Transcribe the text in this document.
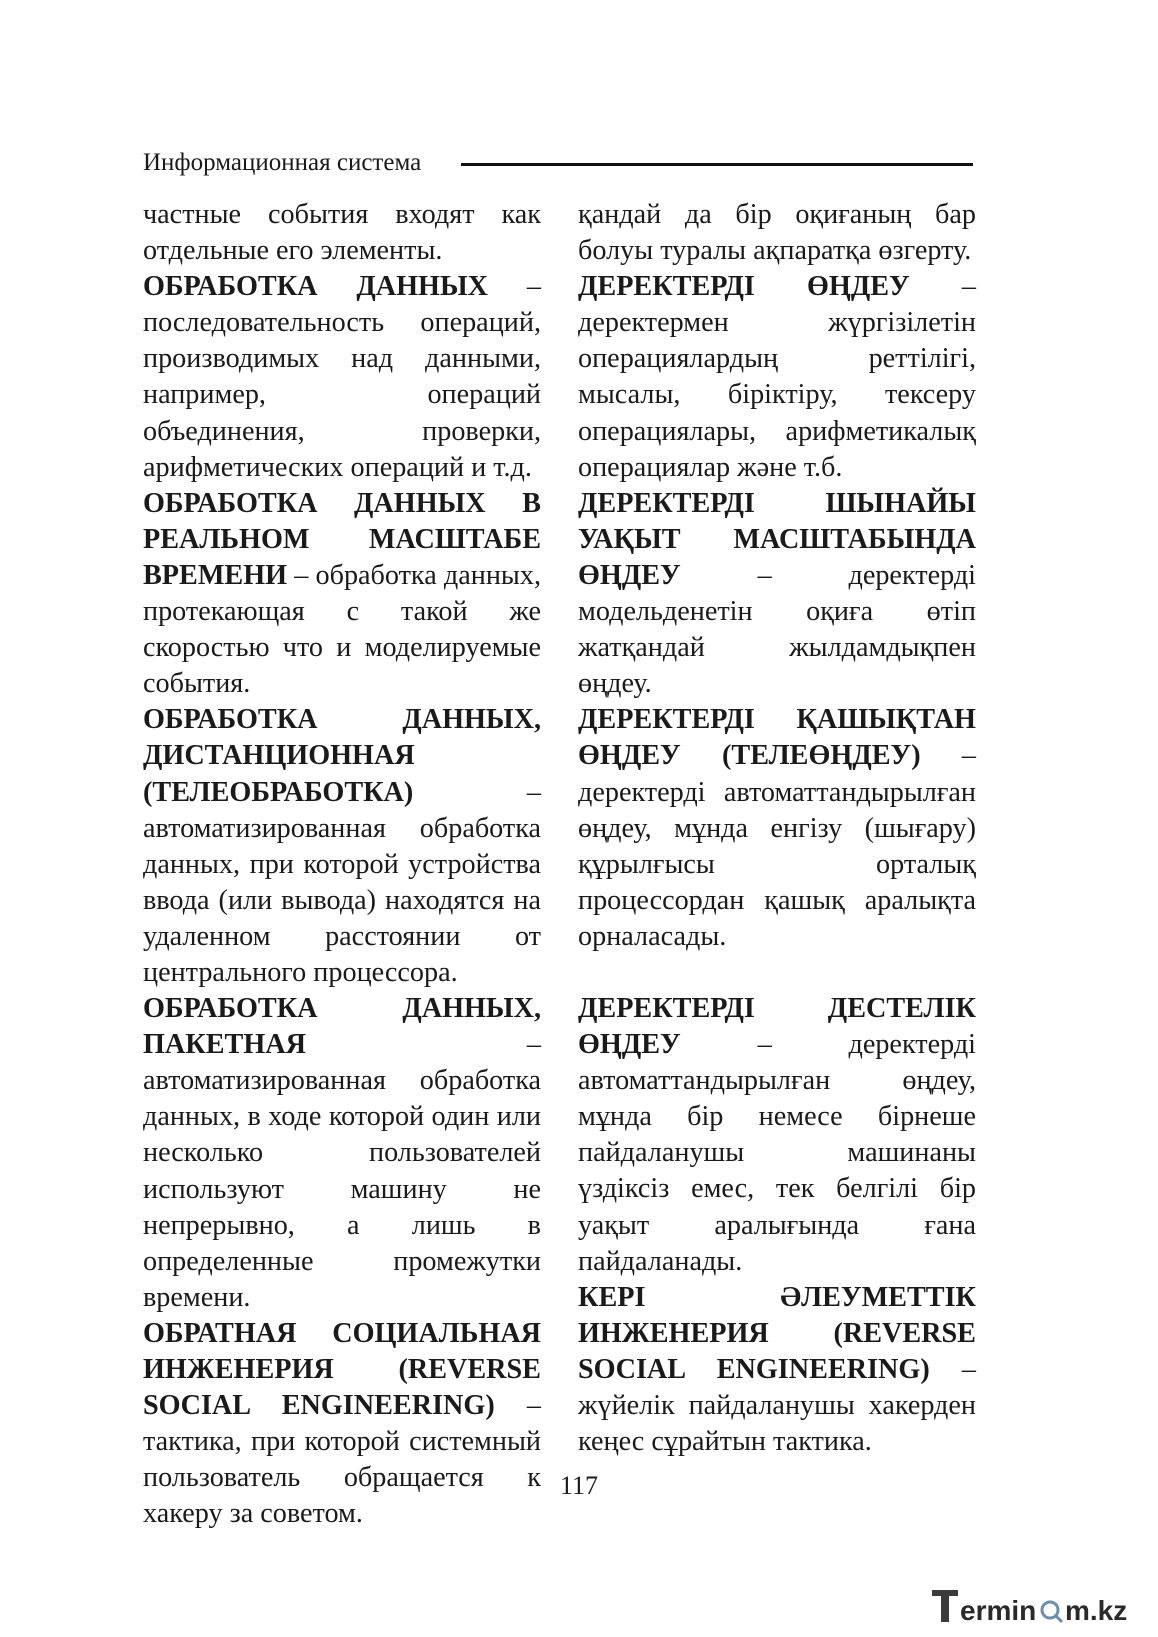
Информационная система

частные события входят как отдельные его элементы.

ОБРАБОТКА ДАННЫХ – последовательность операций, производимых над данными, например, операций объединения, проверки, арифметических операций и т.д.

ОБРАБОТКА ДАННЫХ В РЕАЛЬНОМ МАСШТАБЕ ВРЕМЕНИ – обработка данных, протекающая с такой же скоростью что и моделируемые события.

ОБРАБОТКА ДАННЫХ, ДИСТАНЦИОННАЯ (ТЕЛЕОБРАБОТКА) – автоматизированная обработка данных, при которой устройства ввода (или вывода) находятся на удаленном расстоянии от центрального процессора.

ОБРАБОТКА ДАННЫХ, ПАКЕТНАЯ – автоматизированная обработка данных, в ходе которой один или несколько пользователей используют машину не непрерывно, а лишь в определенные промежутки времени.

ОБРАТНАЯ СОЦИАЛЬНАЯ ИНЖЕНЕРИЯ (REVERSE SOCIAL ENGINEERING) – тактика, при которой системный пользователь обращается к хакеру за советом.

қандай да бір оқиғаның бар болуы туралы ақпаратқа өзгерту.

ДЕРЕКТЕРДІ ӨҢДЕУ – деректермен жүргізілетін операциялардың реттілігі, мысалы, біріктіру, тексеру операциялары, арифметикалық операциялар және т.б.

ДЕРЕКТЕРДІ ШЫНАЙЫ УАҚЫТ МАСШТАБЫНДА ӨҢДЕУ – деректерді модельденетін оқиға өтіп жатқандай жылдамдықпен өңдеу.

ДЕРЕКТЕРДІ ҚАШЫҚТАН ӨҢДЕУ (ТЕЛЕӨҢДЕУ) – деректерді автоматтандырылған өңдеу, мұнда енгізу (шығару) құрылғысы орталық процессордан қашық аралықта орналасады.

ДЕРЕКТЕРДІ ДЕСТЕЛІК ӨҢДЕУ – деректерді автоматтандырылған өңдеу, мұнда бір немесе бірнеше пайдаланушы машинаны үздіксіз емес, тек белгілі бір уақыт аралығында ғана пайдаланады.

КЕРІ ӘЛЕУМЕТТІК ИНЖЕНЕРИЯ (REVERSE SOCIAL ENGINEERING) – жүйелік пайдаланушы хакерден кеңес сұрайтын тактика.

117
ermin m.kz
